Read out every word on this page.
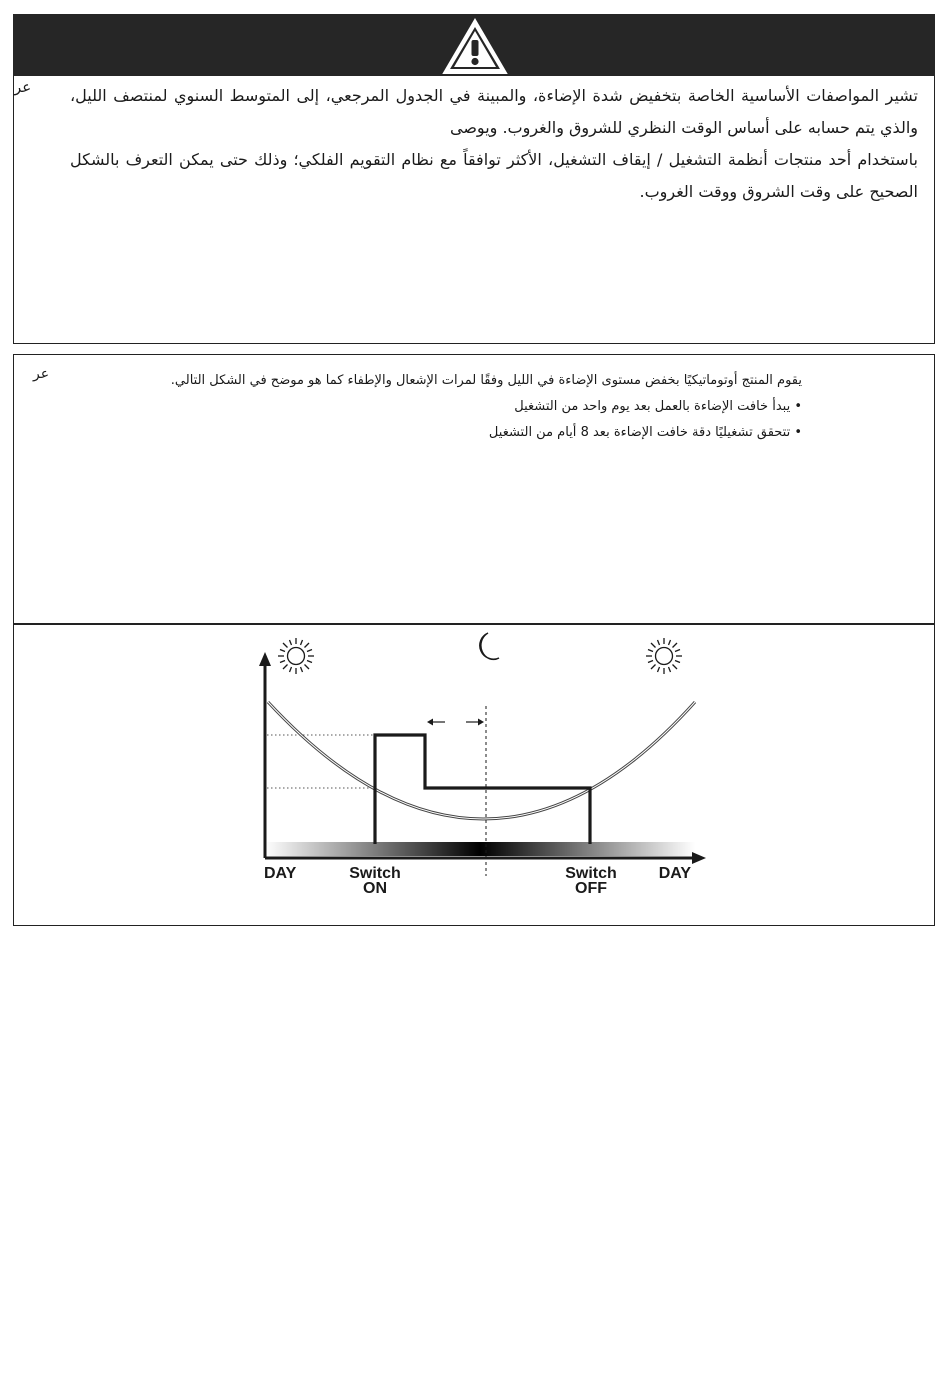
عر تشير المواصفات الأساسية الخاصة بتخفيض شدة الإضاءة، والمبينة في الجدول المرجعي، إلى المتوسط السنوي لمنتصف الليل، والذي يتم حسابه على أساس الوقت النظري للشروق والغروب. ويوصى

باستخدام أحد منتجات أنظمة التشغيل / إيقاف التشغيل، الأكثر توافقاً مع نظام التقويم الفلكي؛ وذلك حتى يمكن التعرف بالشكل الصحيح على وقت الشروق ووقت الغروب.

عر	يقوم المنتج أوتوماتيكيًا بخفض مستوى الإضاءة في الليل وفقًا لمرات الإشعال والإطفاء كما هو موضح في الشكل التالي.

• يبدأ خافت الإضاءة بالعمل بعد يوم واحد من التشغيل

• تتحقق تشغيليًا دقة خافت الإضاءة بعد 8 أيام من التشغيل

DAY	Switch
ON
Switch
OFF
DAY
